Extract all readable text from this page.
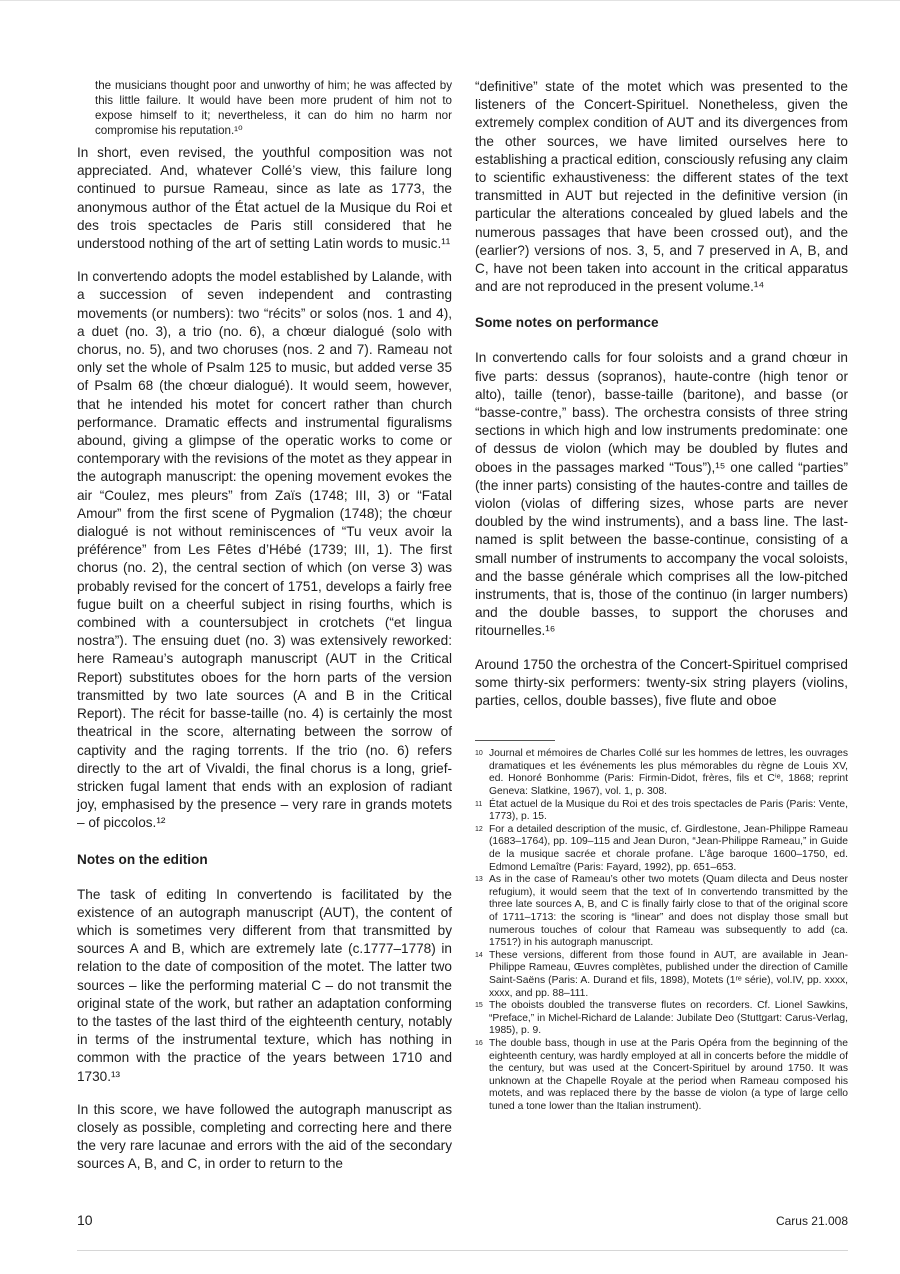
the musicians thought poor and unworthy of him; he was affected by this little failure. It would have been more prudent of him not to expose himself to it; nevertheless, it can do him no harm nor compromise his reputation.¹⁰

In short, even revised, the youthful composition was not appreciated. And, whatever Collé’s view, this failure long continued to pursue Rameau, since as late as 1773, the anonymous author of the État actuel de la Musique du Roi et des trois spectacles de Paris still considered that he understood nothing of the art of setting Latin words to music.¹¹

In convertendo adopts the model established by Lalande, with a succession of seven independent and contrasting movements (or numbers): two “récits” or solos (nos. 1 and 4), a duet (no. 3), a trio (no. 6), a chœur dialogué (solo with chorus, no. 5), and two choruses (nos. 2 and 7). Rameau not only set the whole of Psalm 125 to music, but added verse 35 of Psalm 68 (the chœur dialogué). It would seem, however, that he intended his motet for concert rather than church performance. Dramatic effects and instrumental figuralisms abound, giving a glimpse of the operatic works to come or contemporary with the revisions of the motet as they appear in the autograph manuscript: the opening movement evokes the air “Coulez, mes pleurs” from Zaïs (1748; III, 3) or “Fatal Amour” from the first scene of Pygmalion (1748); the chœur dialogué is not without reminiscences of “Tu veux avoir la préférence” from Les Fêtes d’Hébé (1739; III, 1). The first chorus (no. 2), the central section of which (on verse 3) was probably revised for the concert of 1751, develops a fairly free fugue built on a cheerful subject in rising fourths, which is combined with a countersubject in crotchets (“et lingua nostra”). The ensuing duet (no. 3) was extensively reworked: here Rameau’s autograph manuscript (AUT in the Critical Report) substitutes oboes for the horn parts of the version transmitted by two late sources (A and B in the Critical Report). The récit for basse-taille (no. 4) is certainly the most theatrical in the score, alternating between the sorrow of captivity and the raging torrents. If the trio (no. 6) refers directly to the art of Vivaldi, the final chorus is a long, grief-stricken fugal lament that ends with an explosion of radiant joy, emphasised by the presence – very rare in grands motets – of piccolos.¹²

Notes on the edition

The task of editing In convertendo is facilitated by the existence of an autograph manuscript (AUT), the content of which is sometimes very different from that transmitted by sources A and B, which are extremely late (c.1777–1778) in relation to the date of composition of the motet. The latter two sources – like the performing material C – do not transmit the original state of the work, but rather an adaptation conforming to the tastes of the last third of the eighteenth century, notably in terms of the instrumental texture, which has nothing in common with the practice of the years between 1710 and 1730.¹³

In this score, we have followed the autograph manuscript as closely as possible, completing and correcting here and there the very rare lacunae and errors with the aid of the secondary sources A, B, and C, in order to return to the

“definitive” state of the motet which was presented to the listeners of the Concert-Spirituel. Nonetheless, given the extremely complex condition of AUT and its divergences from the other sources, we have limited ourselves here to establishing a practical edition, consciously refusing any claim to scientific exhaustiveness: the different states of the text transmitted in AUT but rejected in the definitive version (in particular the alterations concealed by glued labels and the numerous passages that have been crossed out), and the (earlier?) versions of nos. 3, 5, and 7 preserved in A, B, and C, have not been taken into account in the critical apparatus and are not reproduced in the present volume.¹⁴

Some notes on performance

In convertendo calls for four soloists and a grand chœur in five parts: dessus (sopranos), haute-contre (high tenor or alto), taille (tenor), basse-taille (baritone), and basse (or “basse-contre,” bass). The orchestra consists of three string sections in which high and low instruments predominate: one of dessus de violon (which may be doubled by flutes and oboes in the passages marked “Tous”),¹⁵ one called “parties” (the inner parts) consisting of the hautes-contre and tailles de violon (violas of differing sizes, whose parts are never doubled by the wind instruments), and a bass line. The last-named is split between the basse-continue, consisting of a small number of instruments to accompany the vocal soloists, and the basse générale which comprises all the low-pitched instruments, that is, those of the continuo (in larger numbers) and the double basses, to support the choruses and ritournelles.¹⁶

Around 1750 the orchestra of the Concert-Spirituel comprised some thirty-six performers: twenty-six string players (violins, parties, cellos, double basses), five flute and oboe

10 Journal et mémoires de Charles Collé sur les hommes de lettres, les ouvrages dramatiques et les événements les plus mémorables du règne de Louis XV, ed. Honoré Bonhomme (Paris: Firmin-Didot, frères, fils et Cⁱᵉ, 1868; reprint Geneva: Slatkine, 1967), vol. 1, p. 308.
11 État actuel de la Musique du Roi et des trois spectacles de Paris (Paris: Vente, 1773), p. 15.
12 For a detailed description of the music, cf. Girdlestone, Jean-Philippe Rameau (1683–1764), pp. 109–115 and Jean Duron, “Jean-Philippe Rameau,” in Guide de la musique sacrée et chorale profane. L’âge baroque 1600–1750, ed. Edmond Lemaître (Paris: Fayard, 1992), pp. 651–653.
13 As in the case of Rameau’s other two motets (Quam dilecta and Deus noster refugium), it would seem that the text of In convertendo transmitted by the three late sources A, B, and C is finally fairly close to that of the original score of 1711–1713: the scoring is “linear” and does not display those small but numerous touches of colour that Rameau was subsequently to add (ca. 1751?) in his autograph manuscript.
14 These versions, different from those found in AUT, are available in Jean-Philippe Rameau, Œuvres complètes, published under the direction of Camille Saint-Saëns (Paris: A. Durand et fils, 1898), Motets (1ʳᵉ série), vol.IV, pp. xxxx, xxxx, and pp. 88–111.
15 The oboists doubled the transverse flutes on recorders. Cf. Lionel Sawkins, “Preface,” in Michel-Richard de Lalande: Jubilate Deo (Stuttgart: Carus-Verlag, 1985), p. 9.
16 The double bass, though in use at the Paris Opéra from the beginning of the eighteenth century, was hardly employed at all in concerts before the middle of the century, but was used at the Concert-Spirituel by around 1750. It was unknown at the Chapelle Royale at the period when Rameau composed his motets, and was replaced there by the basse de violon (a type of large cello tuned a tone lower than the Italian instrument).
10	Carus 21.008
